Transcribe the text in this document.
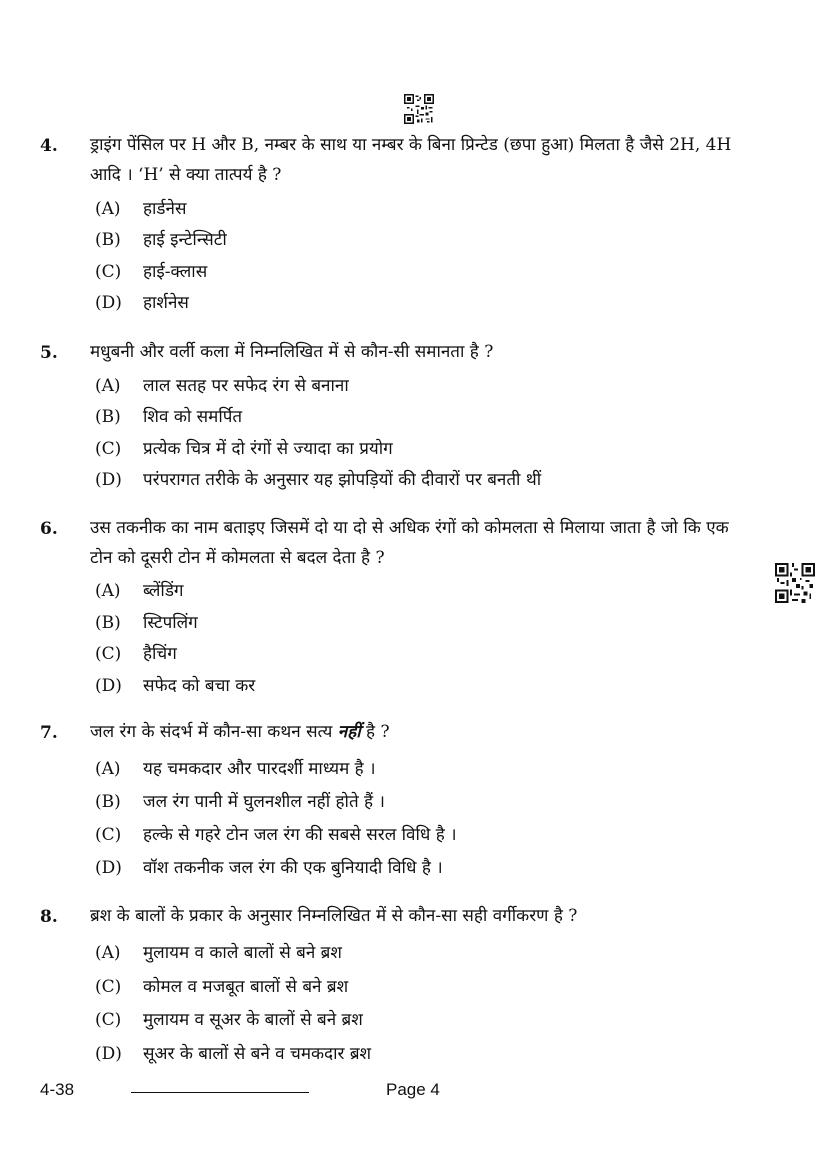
4. ड्राइंग पेंसिल पर H और B, नम्बर के साथ या नम्बर के बिना प्रिन्टेड (छपा हुआ) मिलता है जैसे 2H, 4H आदि । ‘H’ से क्या तात्पर्य है ?
(A) हार्डनेस
(B) हाई इन्टेन्सिटी
(C) हाई-क्लास
(D) हार्शनेस
5. मधुबनी और वर्ली कला में निम्नलिखित में से कौन-सी समानता है ?
(A) लाल सतह पर सफेद रंग से बनाना
(B) शिव को समर्पित
(C) प्रत्येक चित्र में दो रंगों से ज्यादा का प्रयोग
(D) परंपरागत तरीके के अनुसार यह झोपड़ियों की दीवारों पर बनती थीं
6. उस तकनीक का नाम बताइए जिसमें दो या दो से अधिक रंगों को कोमलता से मिलाया जाता है जो कि एक टोन को दूसरी टोन में कोमलता से बदल देता है ?
(A) ब्लेंडिंग
(B) स्टिपलिंग
(C) हैचिंग
(D) सफेद को बचा कर
7. जल रंग के संदर्भ में कौन-सा कथन सत्य नहीं है ?
(A) यह चमकदार और पारदर्शी माध्यम है ।
(B) जल रंग पानी में घुलनशील नहीं होते हैं ।
(C) हल्के से गहरे टोन जल रंग की सबसे सरल विधि है ।
(D) वॉश तकनीक जल रंग की एक बुनियादी विधि है ।
8. ब्रश के बालों के प्रकार के अनुसार निम्नलिखित में से कौन-सा सही वर्गीकरण है ?
(A) मुलायम व काले बालों से बने ब्रश
(C) कोमल व मजबूत बालों से बने ब्रश
(C) मुलायम व सूअर के बालों से बने ब्रश
(D) सूअर के बालों से बने व चमकदार ब्रश
4-38	Page 4
